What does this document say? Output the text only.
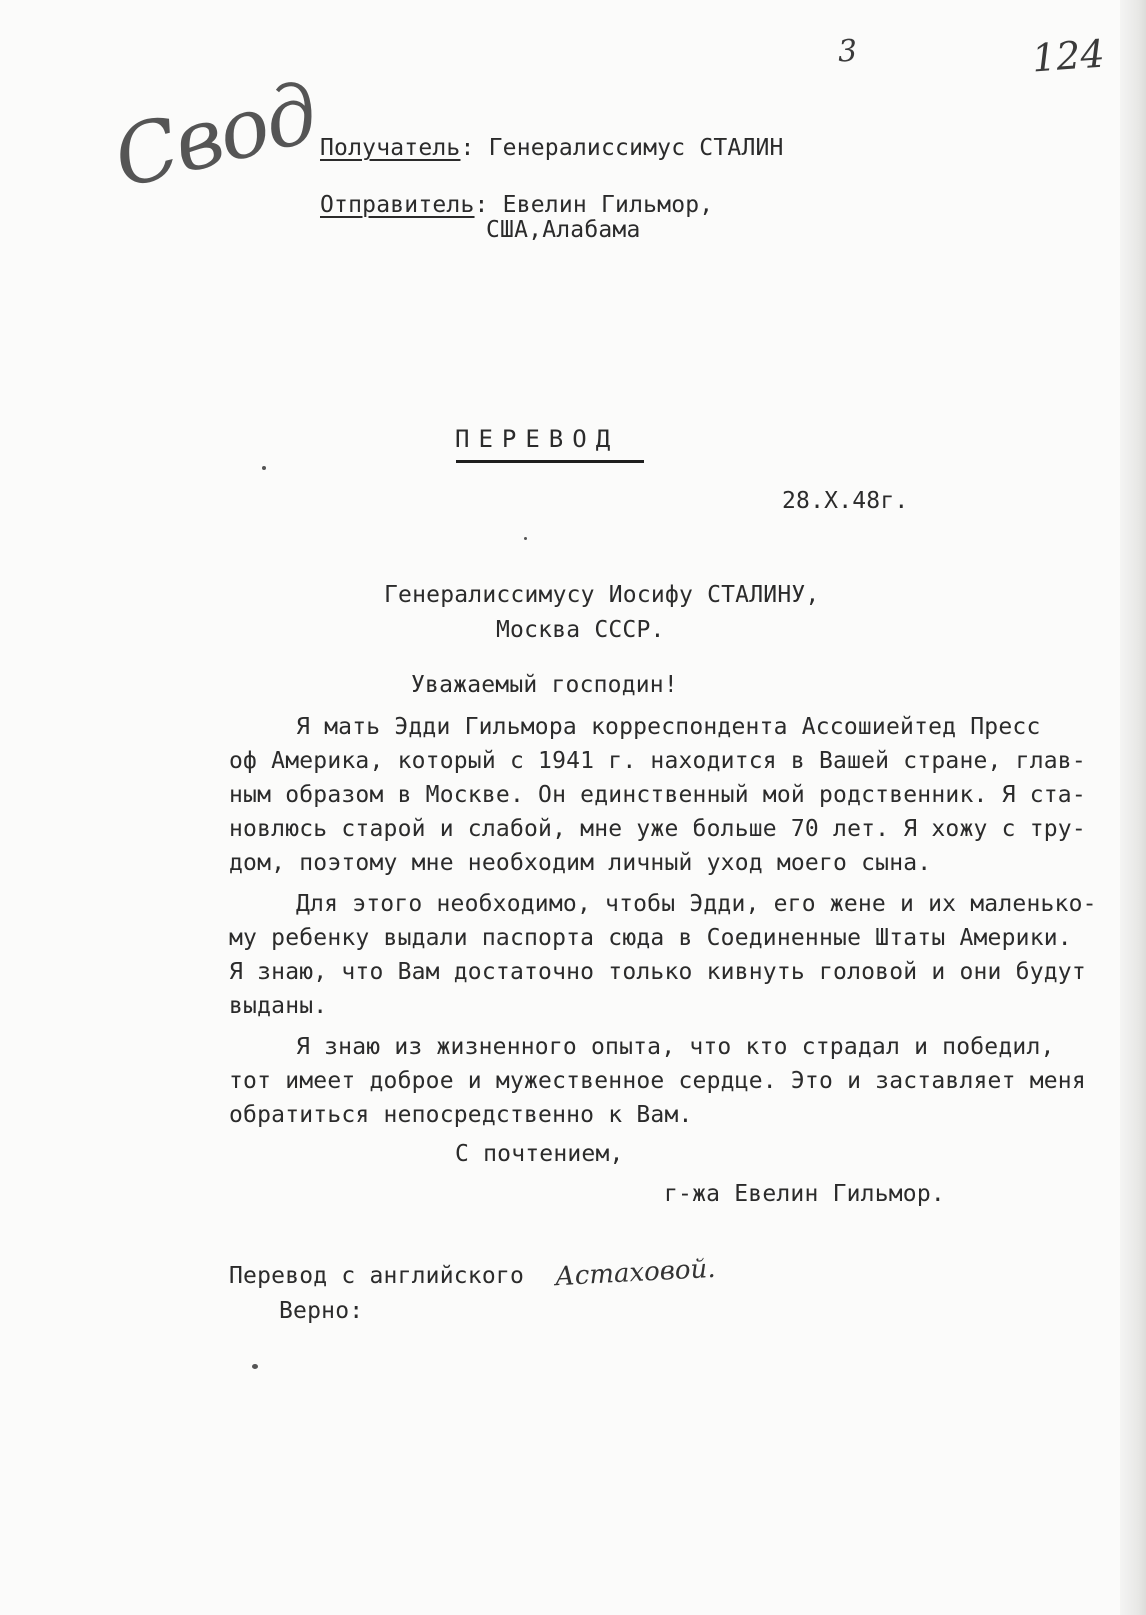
3	124
Свод
Получатель: Генералиссимус СТАЛИН
Отправитель: Евелин Гильмор,
США,Алабама
ПЕРЕВОД
28.X.48г.
Генералиссимусу Иосифу СТАЛИНУ,
Москва СССР.
Уважаемый господин!
Я мать Эдди Гильмора корреспондента Ассошиейтед Пресс
оф Америка, который с 1941 г. находится в Вашей стране, глав-
ным образом в Москве. Он единственный мой родственник. Я ста-
новлюсь старой и слабой, мне уже больше 70 лет. Я хожу с тру-
дом, поэтому мне необходим личный уход моего сына.
Для этого необходимо, чтобы Эдди, его жене и их маленько-
му ребенку выдали паспорта сюда в Соединенные Штаты Америки.
Я знаю, что Вам достаточно только кивнуть головой и они будут
выданы.
Я знаю из жизненного опыта, что кто страдал и победил,
тот имеет доброе и мужественное сердце. Это и заставляет меня
обратиться непосредственно к Вам.
С почтением,
г-жа Евелин Гильмор.
Перевод с английского Астаховой.
Верно:
